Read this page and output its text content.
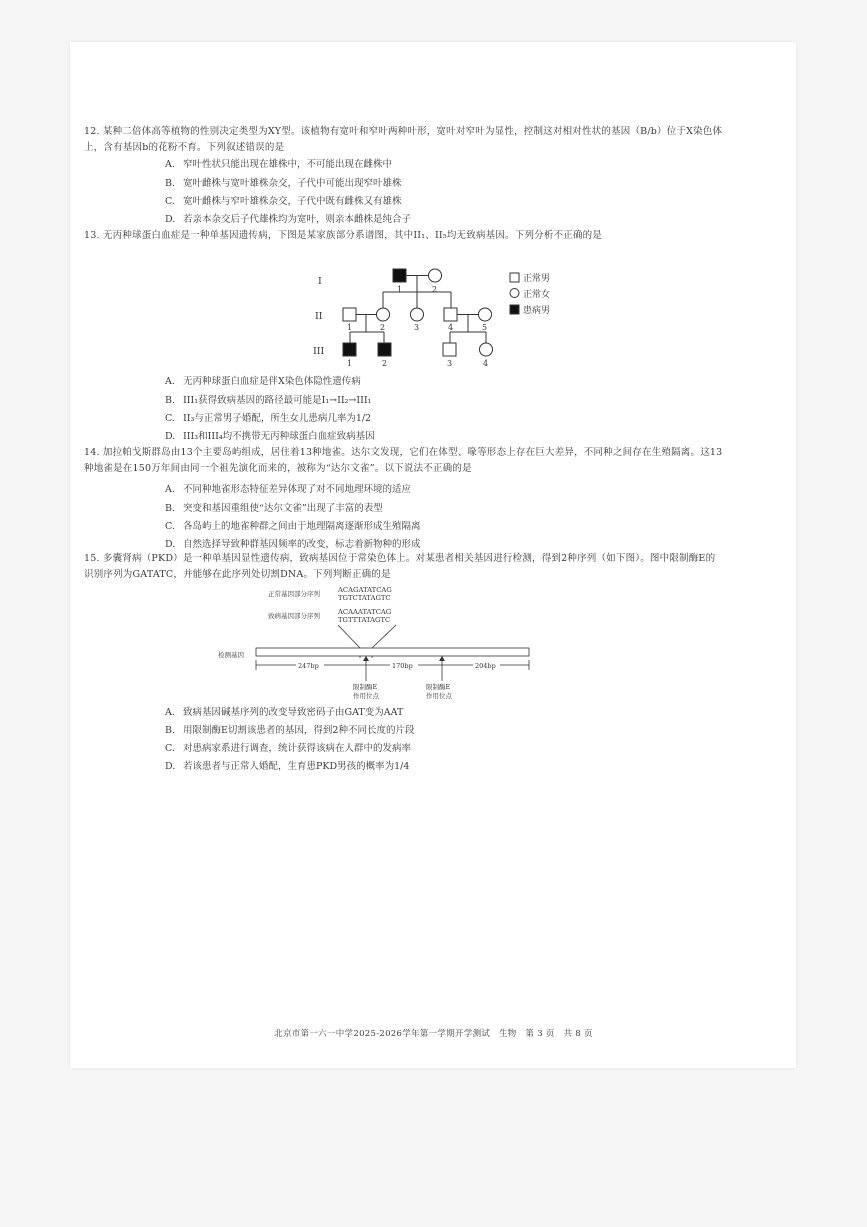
12. 某种二倍体高等植物的性别决定类型为XY型。该植物有宽叶和窄叶两种叶形，宽叶对窄叶为显性，控制这对相对性状的基因（B/b）位于X染色体上，含有基因b的花粉不育。下列叙述错误的是
A. 窄叶性状只能出现在雄株中，不可能出现在雌株中
B. 宽叶雌株与宽叶雄株杂交，子代中可能出现窄叶雄株
C. 宽叶雌株与窄叶雄株杂交，子代中既有雌株又有雄株
D. 若亲本杂交后子代雄株均为宽叶，则亲本雌株是纯合子
13. 无丙种球蛋白血症是一种单基因遗传病，下图是某家族部分系谱图，其中II₁、II₅均无致病基因。下列分析不正确的是
I
II
III
1	2
1	2	3	4	5
1	2	3	4
正常男
正常女
患病男
A. 无丙种球蛋白血症是伴X染色体隐性遗传病
B. III₁获得致病基因的路径最可能是I₁→II₂→III₁
C. II₃与正常男子婚配，所生女儿患病几率为1/2
D. III₃和III₄均不携带无丙种球蛋白血症致病基因
14. 加拉帕戈斯群岛由13个主要岛屿组成，居住着13种地雀。达尔文发现，它们在体型、喙等形态上存在巨大差异，不同种之间存在生殖隔离。这13种地雀是在150万年间由同一个祖先演化而来的，被称为“达尔文雀”。以下说法不正确的是
A. 不同种地雀形态特征差异体现了对不同地理环境的适应
B. 突变和基因重组使“达尔文雀”出现了丰富的表型
C. 各岛屿上的地雀种群之间由于地理隔离逐渐形成生殖隔离
D. 自然选择导致种群基因频率的改变，标志着新物种的形成
15. 多囊肾病（PKD）是一种单基因显性遗传病，致病基因位于常染色体上。对某患者相关基因进行检测，得到2种序列（如下图）。图中限制酶E的识别序列为GATATC，并能够在此序列处切割DNA。下列判断正确的是
正常基因部分序列	ACAGATATCAG
TGTCTATAGTC
致病基因部分序列	ACAAATATCAG
TGTTTATAGTC
检测基因
247bp	170bp	204bp
限制酶E
作用位点
限制酶E
作用位点
A. 致病基因碱基序列的改变导致密码子由GAT变为AAT
B. 用限制酶E切割该患者的基因，得到2种不同长度的片段
C. 对患病家系进行调查，统计获得该病在人群中的发病率
D. 若该患者与正常人婚配，生育患PKD男孩的概率为1/4
北京市第一六一中学2025-2026学年第一学期开学测试　生物　第 3 页　共 8 页
